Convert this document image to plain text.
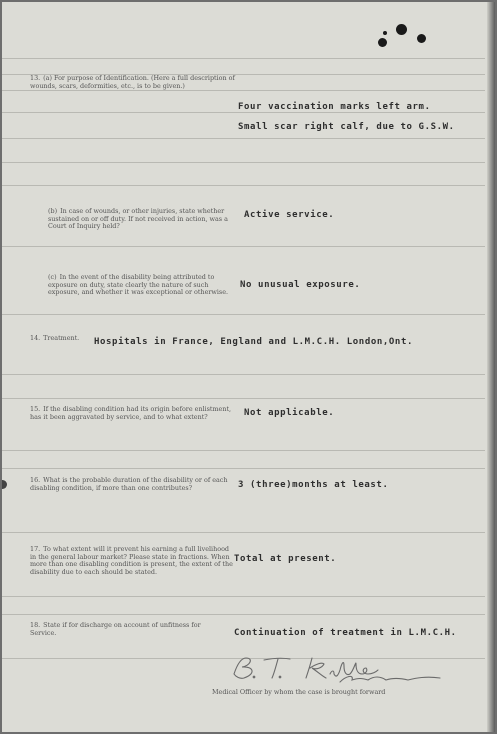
13. (a) For purpose of Identification. (Here a full description of wounds, scars, deformities, etc., is to be given.)
Four vaccination marks left arm.
Small scar right calf, due to G.S.W.
(b) In case of wounds, or other injuries, state whether sustained on or off duty. If not received in action, was a Court of Inquiry held?
Active service.
(c) In the event of the disability being attributed to exposure on duty, state clearly the nature of such exposure, and whether it was exceptional or otherwise.
No unusual exposure.
14. Treatment.	Hospitals in France, England and L.M.C.H. London,Ont.
15. If the disabling condition had its origin before enlistment, has it been aggravated by service, and to what extent?	Not applicable.
16. What is the probable duration of the disability or of each disabling condition, if more than one contributes?	3 (three)months at least.
17. To what extent will it prevent his earning a full livelihood in the general labour market? Please state in fractions. When more than one disabling condition is present, the extent of the disability due to each should be stated.
Total at present.
18. State if for discharge on account of unfitness for Service.	Continuation of treatment in L.M.C.H.
Medical Officer by whom the case is brought forward
